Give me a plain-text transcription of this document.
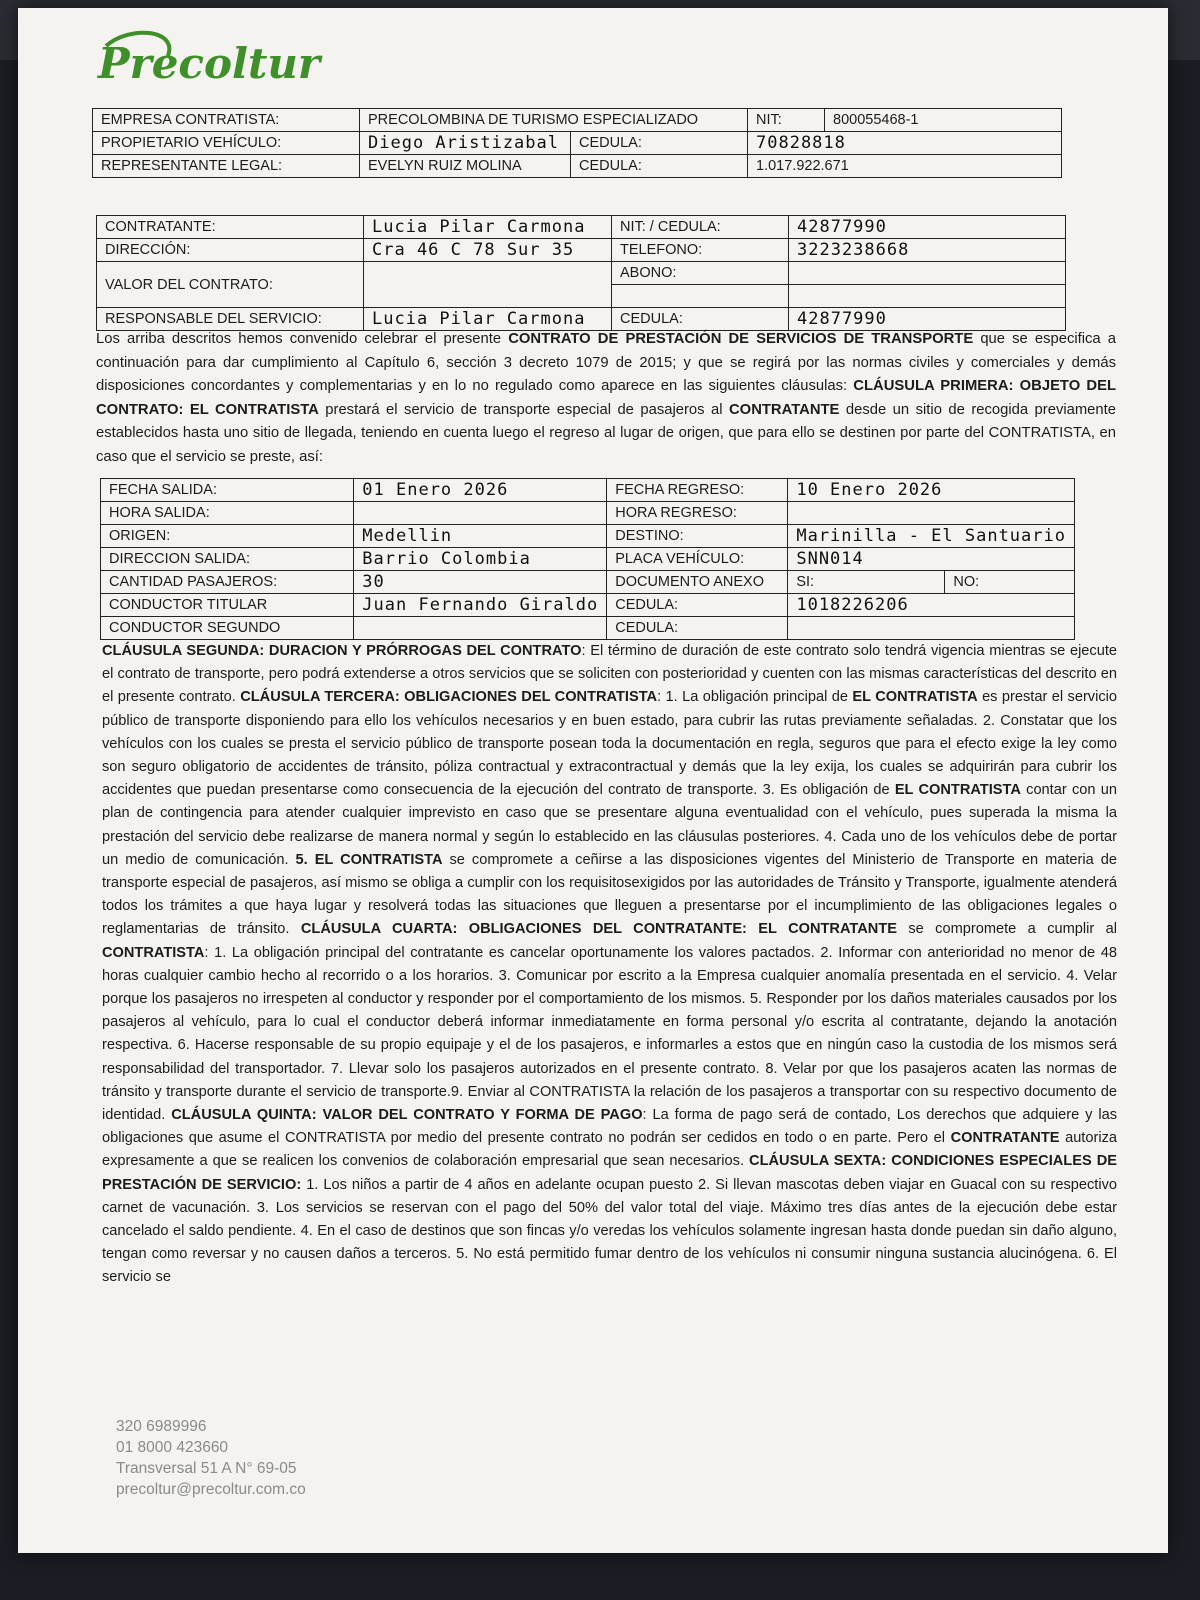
Precoltur
EMPRESA CONTRATISTA:	PRECOLOMBINA DE TURISMO ESPECIALIZADO		NIT:	800055468-1
PROPIETARIO VEHÍCULO:	Diego Aristizabal	CEDULA:	70828818	
REPRESENTANTE LEGAL:	EVELYN RUIZ MOLINA	CEDULA:	1.017.922.671	
CONTRATANTE:	Lucia Pilar Carmona	NIT: / CEDULA:	42877990
DIRECCIÓN:	Cra 46 C 78 Sur 35	TELEFONO:	3223238668
VALOR DEL CONTRATO:		ABONO:	

RESPONSABLE DEL SERVICIO:	Lucia Pilar Carmona	CEDULA:	42877990

Los arriba descritos hemos convenido celebrar el presente CONTRATO DE PRESTACIÓN DE SERVICIOS DE TRANSPORTE que se especifica a continuación para dar cumplimiento al Capítulo 6, sección 3 decreto 1079 de 2015; y que se regirá por las normas civiles y comerciales y demás disposiciones concordantes y complementarias y en lo no regulado como aparece en las siguientes cláusulas: CLÁUSULA PRIMERA: OBJETO DEL CONTRATO: EL CONTRATISTA prestará el servicio de transporte especial de pasajeros al CONTRATANTE desde un sitio de recogida previamente establecidos hasta uno sitio de llegada, teniendo en cuenta luego el regreso al lugar de origen, que para ello se destinen por parte del CONTRATISTA, en caso que el servicio se preste, así:

FECHA SALIDA:	01 Enero 2026	FECHA REGRESO:	10 Enero 2026	
HORA SALIDA:		HORA REGRESO:		
ORIGEN:	Medellin	DESTINO:	Marinilla - El Santuario	
DIRECCION SALIDA:	Barrio Colombia	PLACA VEHÍCULO:	SNN014	
CANTIDAD PASAJEROS:	30	DOCUMENTO ANEXO	SI:	NO:
CONDUCTOR TITULAR	Juan Fernando Giraldo	CEDULA:	1018226206	
CONDUCTOR SEGUNDO		CEDULA:		

CLÁUSULA SEGUNDA: DURACION Y PRÓRROGAS DEL CONTRATO: El término de duración de este contrato solo tendrá vigencia mientras se ejecute el contrato de transporte, pero podrá extenderse a otros servicios que se soliciten con posterioridad y cuenten con las mismas características del descrito en el presente contrato. CLÁUSULA TERCERA: OBLIGACIONES DEL CONTRATISTA: 1. La obligación principal de EL CONTRATISTA es prestar el servicio público de transporte disponiendo para ello los vehículos necesarios y en buen estado, para cubrir las rutas previamente señaladas. 2. Constatar que los vehículos con los cuales se presta el servicio público de transporte posean toda la documentación en regla, seguros que para el efecto exige la ley como son seguro obligatorio de accidentes de tránsito, póliza contractual y extracontractual y demás que la ley exija, los cuales se adquirirán para cubrir los accidentes que puedan presentarse como consecuencia de la ejecución del contrato de transporte. 3. Es obligación de EL CONTRATISTA contar con un plan de contingencia para atender cualquier imprevisto en caso que se presentare alguna eventualidad con el vehículo, pues superada la misma la prestación del servicio debe realizarse de manera normal y según lo establecido en las cláusulas posteriores. 4. Cada uno de los vehículos debe de portar un medio de comunicación. 5. EL CONTRATISTA se compromete a ceñirse a las disposiciones vigentes del Ministerio de Transporte en materia de transporte especial de pasajeros, así mismo se obliga a cumplir con los requisitosexigidos por las autoridades de Tránsito y Transporte, igualmente atenderá todos los trámites a que haya lugar y resolverá todas las situaciones que lleguen a presentarse por el incumplimiento de las obligaciones legales o reglamentarias de tránsito. CLÁUSULA CUARTA: OBLIGACIONES DEL CONTRATANTE: EL CONTRATANTE se compromete a cumplir al CONTRATISTA: 1. La obligación principal del contratante es cancelar oportunamente los valores pactados. 2. Informar con anterioridad no menor de 48 horas cualquier cambio hecho al recorrido o a los horarios. 3. Comunicar por escrito a la Empresa cualquier anomalía presentada en el servicio. 4. Velar porque los pasajeros no irrespeten al conductor y responder por el comportamiento de los mismos. 5. Responder por los daños materiales causados por los pasajeros al vehículo, para lo cual el conductor deberá informar inmediatamente en forma personal y/o escrita al contratante, dejando la anotación respectiva. 6. Hacerse responsable de su propio equipaje y el de los pasajeros, e informarles a estos que en ningún caso la custodia de los mismos será responsabilidad del transportador. 7. Llevar solo los pasajeros autorizados en el presente contrato. 8. Velar por que los pasajeros acaten las normas de tránsito y transporte durante el servicio de transporte.9. Enviar al CONTRATISTA la relación de los pasajeros a transportar con su respectivo documento de identidad. CLÁUSULA QUINTA: VALOR DEL CONTRATO Y FORMA DE PAGO: La forma de pago será de contado, Los derechos que adquiere y las obligaciones que asume el CONTRATISTA por medio del presente contrato no podrán ser cedidos en todo o en parte. Pero el CONTRATANTE autoriza expresamente a que se realicen los convenios de colaboración empresarial que sean necesarios. CLÁUSULA SEXTA: CONDICIONES ESPECIALES DE PRESTACIÓN DE SERVICIO: 1. Los niños a partir de 4 años en adelante ocupan puesto 2. Si llevan mascotas deben viajar en Guacal con su respectivo carnet de vacunación. 3. Los servicios se reservan con el pago del 50% del valor total del viaje. Máximo tres días antes de la ejecución debe estar cancelado el saldo pendiente. 4. En el caso de destinos que son fincas y/o veredas los vehículos solamente ingresan hasta donde puedan sin daño alguno, tengan como reversar y no causen daños a terceros. 5. No está permitido fumar dentro de los vehículos ni consumir ninguna sustancia alucinógena. 6. El servicio se

320 6989996
01 8000 423660
Transversal 51 A N° 69-05
precoltur@precoltur.com.co
